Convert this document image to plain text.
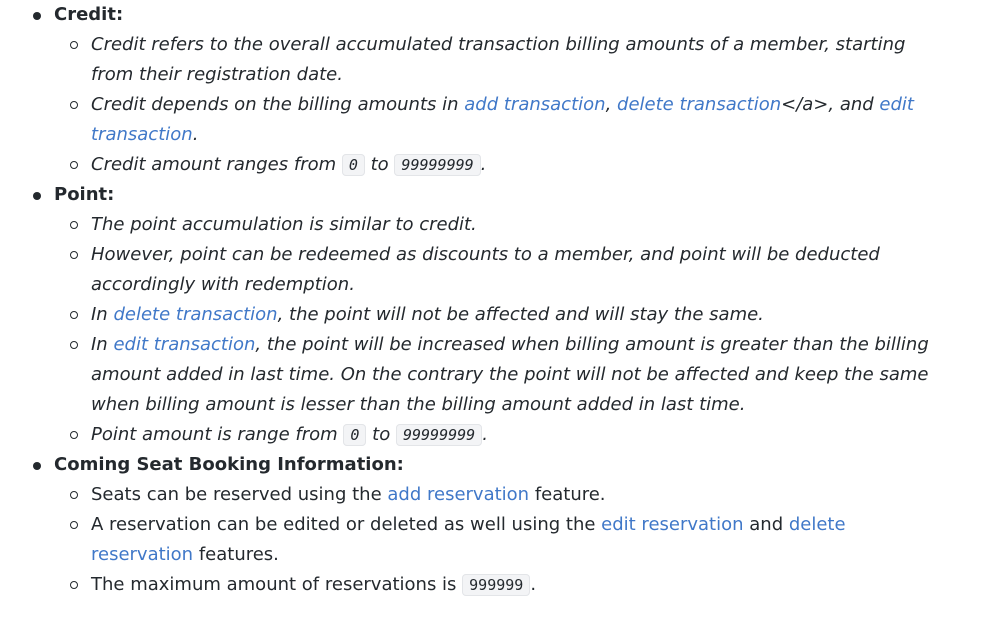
Credit:
Credit refers to the overall accumulated transaction billing amounts of a member, starting from their registration date.
Credit depends on the billing amounts in add transaction, delete transaction</a>, and edit transaction.
Credit amount ranges from 0 to 99999999 .
Point:
The point accumulation is similar to credit.
However, point can be redeemed as discounts to a member, and point will be deducted accordingly with redemption.
In delete transaction, the point will not be affected and will stay the same.
In edit transaction, the point will be increased when billing amount is greater than the billing amount added in last time. On the contrary the point will not be affected and keep the same when billing amount is lesser than the billing amount added in last time.
Point amount is range from 0 to 99999999 .
Coming Seat Booking Information:
Seats can be reserved using the add reservation feature.
A reservation can be edited or deleted as well using the edit reservation and delete reservation features.
The maximum amount of reservations is 999999 .
